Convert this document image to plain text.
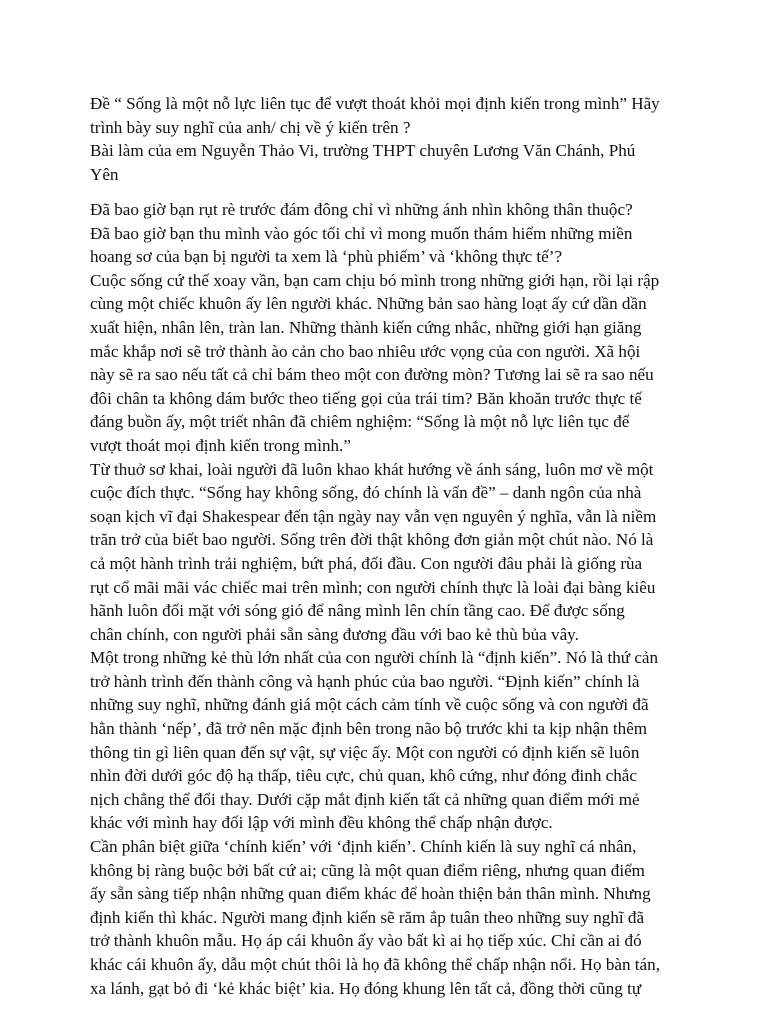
Đề “ Sống là một nỗ lực liên tục để vượt thoát khỏi mọi định kiến trong mình” Hãy
trình bày suy nghĩ của anh/ chị về ý kiến trên ?
Bài làm của em Nguyễn Thảo Vi, trường THPT chuyên Lương Văn Chánh, Phú
Yên
Đã bao giờ bạn rụt rè trước đám đông chỉ vì những ánh nhìn không thân thuộc?
Đã bao giờ bạn thu mình vào góc tối chỉ vì mong muốn thám hiểm những miền
hoang sơ của bạn bị người ta xem là ‘phù phiếm’ và ‘không thực tế’?
Cuộc sống cứ thế xoay vần, bạn cam chịu bó mình trong những giới hạn, rồi lại rập
cùng một chiếc khuôn ấy lên người khác. Những bản sao hàng loạt ấy cứ dần dần
xuất hiện, nhân lên, tràn lan. Những thành kiến cứng nhắc, những giới hạn giăng
mắc khắp nơi sẽ trở thành ào cản cho bao nhiêu ước vọng của con người. Xã hội
này sẽ ra sao nếu tất cả chỉ bám theo một con đường mòn? Tương lai sẽ ra sao nếu
đôi chân ta không dám bước theo tiếng gọi của trái tim? Băn khoăn trước thực tế
đáng buồn ấy, một triết nhân đã chiêm nghiệm: “Sống là một nỗ lực liên tục để
vượt thoát mọi định kiến trong mình.”
Từ thuở sơ khai, loài người đã luôn khao khát hướng về ánh sáng, luôn mơ về một
cuộc đích thực. “Sống hay không sống, đó chính là vấn đề” – danh ngôn của nhà
soạn kịch vĩ đại Shakespear đến tận ngày nay vẫn vẹn nguyên ý nghĩa, vẫn là niềm
trăn trở của biết bao người. Sống trên đời thật không đơn giản một chút nào. Nó là
cả một hành trình trải nghiệm, bứt phá, đối đầu. Con người đâu phải là giống rùa
rụt cổ mãi mãi vác chiếc mai trên mình; con người chính thực là loài đại bàng kiêu
hãnh luôn đối mặt với sóng gió để nâng mình lên chín tầng cao. Để được sống
chân chính, con người phải sẵn sàng đương đầu với bao kẻ thù bủa vây.
Một trong những kẻ thù lớn nhất của con người chính là “định kiến”. Nó là thứ cản
trở hành trình đến thành công và hạnh phúc của bao người. “Định kiến” chính là
những suy nghĩ, những đánh giá một cách cảm tính về cuộc sống và con người đã
hằn thành ‘nếp’, đã trở nên mặc định bên trong não bộ trước khi ta kịp nhận thêm
thông tin gì liên quan đến sự vật, sự việc ấy. Một con người có định kiến sẽ luôn
nhìn đời dưới góc độ hạ thấp, tiêu cực, chủ quan, khô cứng, như đóng đinh chắc
nịch chẳng thể đổi thay. Dưới cặp mắt định kiến tất cả những quan điểm mới mẻ
khác với mình hay đối lập với mình đều không thể chấp nhận được.
Cần phân biệt giữa ‘chính kiến’ với ‘định kiến’. Chính kiến là suy nghĩ cá nhân,
không bị ràng buộc bởi bất cứ ai; cũng là một quan điểm riêng, nhưng quan điểm
ấy sẵn sàng tiếp nhận những quan điểm khác để hoàn thiện bản thân mình. Nhưng
định kiến thì khác. Người mang định kiến sẽ răm ắp tuân theo những suy nghĩ đã
trở thành khuôn mẫu. Họ áp cái khuôn ấy vào bất kì ai họ tiếp xúc. Chỉ cần ai đó
khác cái khuôn ấy, dẫu một chút thôi là họ đã không thể chấp nhận nổi. Họ bàn tán,
xa lánh, gạt bỏ đi ‘kẻ khác biệt’ kia. Họ đóng khung lên tất cả, đồng thời cũng tự
